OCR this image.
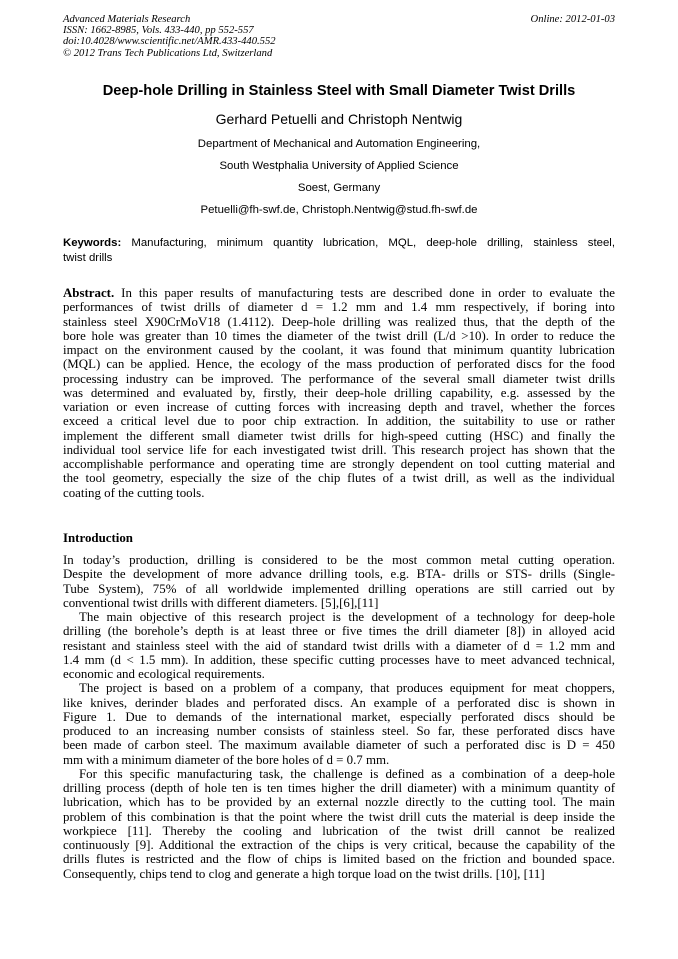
Advanced Materials Research
ISSN: 1662-8985, Vols. 433-440, pp 552-557
doi:10.4028/www.scientific.net/AMR.433-440.552
© 2012 Trans Tech Publications Ltd, Switzerland
Online: 2012-01-03
Deep-hole Drilling in Stainless Steel with Small Diameter Twist Drills
Gerhard Petuelli and Christoph Nentwig
Department of Mechanical and Automation Engineering,
South Westphalia University of Applied Science
Soest, Germany
Petuelli@fh-swf.de, Christoph.Nentwig@stud.fh-swf.de
Keywords: Manufacturing, minimum quantity lubrication, MQL, deep-hole drilling, stainless steel,
twist drills
Abstract. In this paper results of manufacturing tests are described done in order to evaluate the
performances of twist drills of diameter d = 1.2 mm and 1.4 mm respectively, if boring into
stainless steel X90CrMoV18 (1.4112). Deep-hole drilling was realized thus, that the depth of the
bore hole was greater than 10 times the diameter of the twist drill (L/d >10). In order to reduce the
impact on the environment caused by the coolant, it was found that minimum quantity lubrication
(MQL) can be applied. Hence, the ecology of the mass production of perforated discs for the food
processing industry can be improved. The performance of the several small diameter twist drills
was determined and evaluated by, firstly, their deep-hole drilling capability, e.g. assessed by the
variation or even increase of cutting forces with increasing depth and travel, whether the forces
exceed a critical level due to poor chip extraction. In addition, the suitability to use or rather
implement the different small diameter twist drills for high-speed cutting (HSC) and finally the
individual tool service life for each investigated twist drill. This research project has shown that the
accomplishable performance and operating time are strongly dependent on tool cutting material and
the tool geometry, especially the size of the chip flutes of a twist drill, as well as the individual
coating of the cutting tools.
Introduction
In today’s production, drilling is considered to be the most common metal cutting operation.
Despite the development of more advance drilling tools, e.g. BTA- drills or STS- drills (Single-
Tube System), 75% of all worldwide implemented drilling operations are still carried out by
conventional twist drills with different diameters. [5],[6],[11]
The main objective of this research project is the development of a technology for deep-hole
drilling (the borehole’s depth is at least three or five times the drill diameter [8]) in alloyed acid
resistant and stainless steel with the aid of standard twist drills with a diameter of d = 1.2 mm and
1.4 mm (d < 1.5 mm). In addition, these specific cutting processes have to meet advanced technical,
economic and ecological requirements.
The project is based on a problem of a company, that produces equipment for meat choppers,
like knives, derinder blades and perforated discs. An example of a perforated disc is shown in
Figure 1. Due to demands of the international market, especially perforated discs should be
produced to an increasing number consists of stainless steel. So far, these perforated discs have
been made of carbon steel. The maximum available diameter of such a perforated disc is D = 450
mm with a minimum diameter of the bore holes of d = 0.7 mm.
For this specific manufacturing task, the challenge is defined as a combination of a deep-hole
drilling process (depth of hole ten is ten times higher the drill diameter) with a minimum quantity of
lubrication, which has to be provided by an external nozzle directly to the cutting tool. The main
problem of this combination is that the point where the twist drill cuts the material is deep inside the
workpiece [11]. Thereby the cooling and lubrication of the twist drill cannot be realized
continuously [9]. Additional the extraction of the chips is very critical, because the capability of the
drills flutes is restricted and the flow of chips is limited based on the friction and bounded space.
Consequently, chips tend to clog and generate a high torque load on the twist drills. [10], [11]
